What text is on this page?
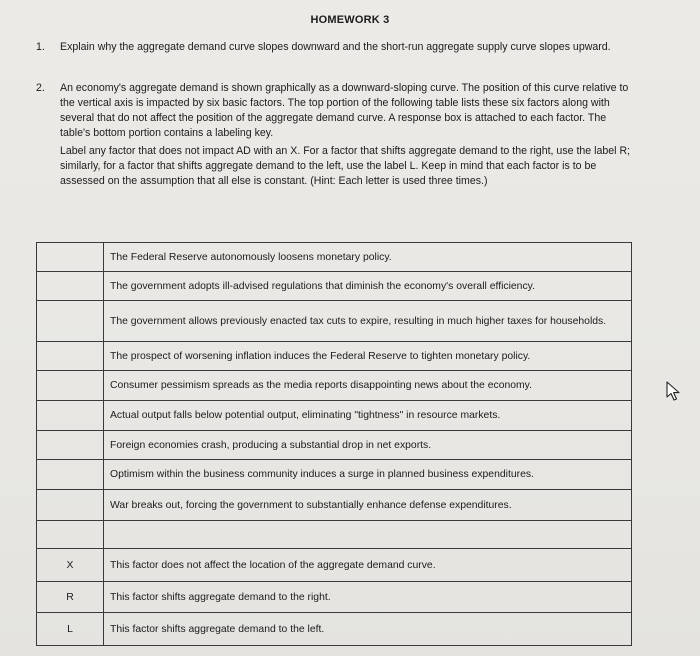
HOMEWORK 3
1.	Explain why the aggregate demand curve slopes downward and the short-run aggregate supply curve slopes upward.
2.	An economy's aggregate demand is shown graphically as a downward-sloping curve. The position of this curve relative to the vertical axis is impacted by six basic factors. The top portion of the following table lists these six factors along with several that do not affect the position of the aggregate demand curve. A response box is attached to each factor. The table's bottom portion contains a labeling key.

Label any factor that does not impact AD with an X. For a factor that shifts aggregate demand to the right, use the label R; similarly, for a factor that shifts aggregate demand to the left, use the label L. Keep in mind that each factor is to be assessed on the assumption that all else is constant. (Hint: Each letter is used three times.)

	The Federal Reserve autonomously loosens monetary policy.
	The government adopts ill-advised regulations that diminish the economy's overall efficiency.
	The government allows previously enacted tax cuts to expire, resulting in much higher taxes for households.
	The prospect of worsening inflation induces the Federal Reserve to tighten monetary policy.
	Consumer pessimism spreads as the media reports disappointing news about the economy.
	Actual output falls below potential output, eliminating "tightness" in resource markets.
	Foreign economies crash, producing a substantial drop in net exports.
	Optimism within the business community induces a surge in planned business expenditures.
	War breaks out, forcing the government to substantially enhance defense expenditures.

X	This factor does not affect the location of the aggregate demand curve.
R	This factor shifts aggregate demand to the right.
L	This factor shifts aggregate demand to the left.
